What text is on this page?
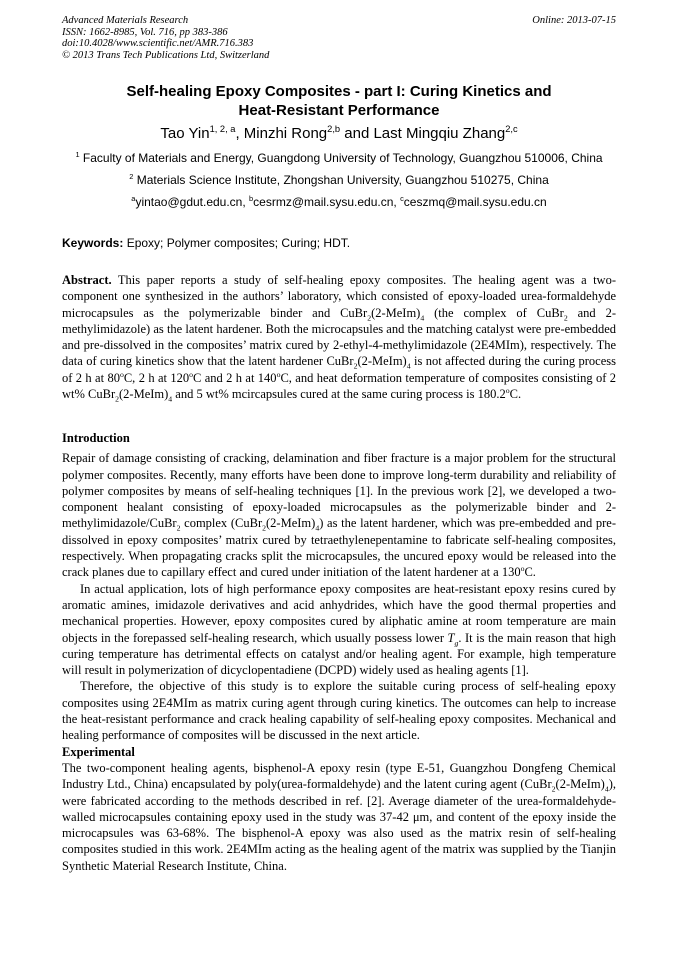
Advanced Materials Research
ISSN: 1662-8985, Vol. 716, pp 383-386
doi:10.4028/www.scientific.net/AMR.716.383
© 2013 Trans Tech Publications Ltd, Switzerland
Online: 2013-07-15
Self-healing Epoxy Composites - part I: Curing Kinetics and
Heat-Resistant Performance
Tao Yin$^{1, 2, a}$, Minzhi Rong$^{2,b}$ and Last Mingqiu Zhang$^{2,c}$
$^1$ Faculty of Materials and Energy, Guangdong University of Technology, Guangzhou 510006, China
$^2$ Materials Science Institute, Zhongshan University, Guangzhou 510275, China
$^a$yintao@gdut.edu.cn, $^b$cesrmz@mail.sysu.edu.cn, $^c$ceszmq@mail.sysu.edu.cn
Keywords: Epoxy; Polymer composites; Curing; HDT.

Abstract. This paper reports a study of self-healing epoxy composites. The healing agent was a two-component one synthesized in the authors’ laboratory, which consisted of epoxy-loaded urea-formaldehyde microcapsules as the polymerizable binder and $CuBr_2(2-MeIm)_4$ (the complex of CuBr$_2$ and 2-methylimidazole) as the latent hardener. Both the microcapsules and the matching catalyst were pre-embedded and pre-dissolved in the composites’ matrix cured by 2-ethyl-4-methylimidazole (2E4MIm), respectively. The data of curing kinetics show that the latent hardener $CuBr_2(2-MeIm)_4$ is not affected during the curing process of 2 h at 80$^o$C, 2 h at 120$^o$C and 2 h at 140$^o$C, and heat deformation temperature of composites consisting of 2 wt% $CuBr_2(2-MeIm)_4$ and 5 wt% mcircapsules cured at the same curing process is 180.2$^o$C.

Introduction

Repair of damage consisting of cracking, delamination and fiber fracture is a major problem for the structural polymer composites. Recently, many efforts have been done to improve long-term durability and reliability of polymer composites by means of self-healing techniques [1]. In the previous work [2], we developed a two-component healant consisting of epoxy-loaded microcapsules as the polymerizable binder and 2-methylimidazole/CuBr$_2$ complex $(CuBr_2(2-MeIm)_4)$ as the latent hardener, which was pre-embedded and pre-dissolved in epoxy composites’ matrix cured by tetraethylenepentamine to fabricate self-healing composites, respectively. When propagating cracks split the microcapsules, the uncured epoxy would be released into the crack planes due to capillary effect and cured under initiation of the latent hardener at a 130$^o$C.

In actual application, lots of high performance epoxy composites are heat-resistant epoxy resins cured by aromatic amines, imidazole derivatives and acid anhydrides, which have the good thermal properties and mechanical properties. However, epoxy composites cured by aliphatic amine at room temperature are main objects in the forepassed self-healing research, which usually possess lower $T_g$. It is the main reason that high curing temperature has detrimental effects on catalyst and/or healing agent. For example, high temperature will result in polymerization of dicyclopentadiene (DCPD) widely used as healing agents [1].

Therefore, the objective of this study is to explore the suitable curing process of self-healing epoxy composites using 2E4MIm as matrix curing agent through curing kinetics. The outcomes can help to increase the heat-resistant performance and crack healing capability of self-healing epoxy composites. Mechanical and healing performance of composites will be discussed in the next article.

Experimental

The two-component healing agents, bisphenol-A epoxy resin (type E-51, Guangzhou Dongfeng Chemical Industry Ltd., China) encapsulated by poly(urea-formaldehyde) and the latent curing agent $(CuBr_2(2-MeIm)_4)$, were fabricated according to the methods described in ref. [2]. Average diameter of the urea-formaldehyde-walled microcapsules containing epoxy used in the study was 37-42 μm, and content of the epoxy inside the microcapsules was 63-68%. The bisphenol-A epoxy was also used as the matrix resin of self-healing composites studied in this work. 2E4MIm acting as the healing agent of the matrix was supplied by the Tianjin Synthetic Material Research Institute, China.
